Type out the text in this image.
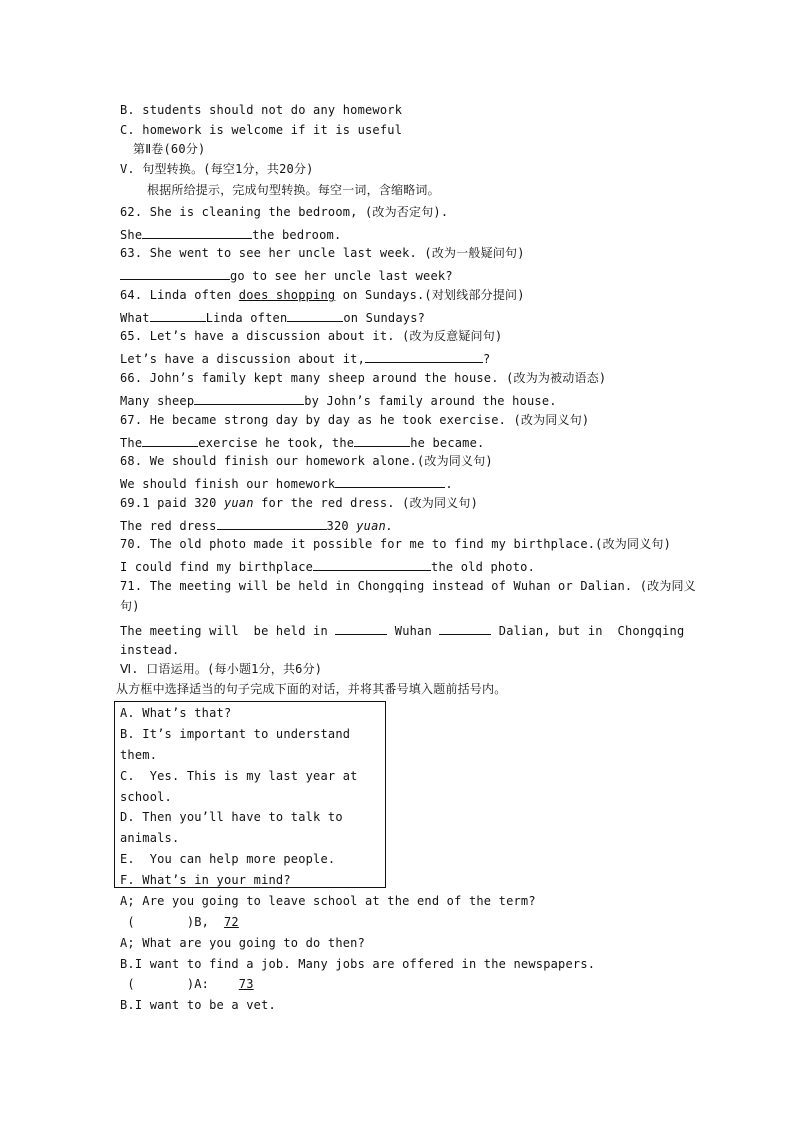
B. students should not do any homework
C. homework is welcome if it is useful
第Ⅱ卷(60分)
V. 句型转换。(每空1分，共20分)
根据所给提示，完成句型转换。每空一词，含缩略词。
62. She is cleaning the bedroom, (改为否定句).
She	the bedroom.
63. She went to see her uncle last week. (改为一般疑问句)
go to see her uncle last week?
64. Linda often does shopping on Sundays.(对划线部分提问)
What	Linda often	on Sundays?
65. Let’s have a discussion about it. (改为反意疑问句)
Let’s have a discussion about it,	?
66. John’s family kept many sheep around the house. (改为为被动语态)
Many sheep	by John’s family around the house.
67. He became strong day by day as he took exercise. (改为同义句)
The	exercise he took, the	he became.
68. We should finish our homework alone.(改为同义句)
We should finish our homework	.
69.1 paid 320 yuan for the red dress. (改为同义句)
The red dress	320 yuan.
70. The old photo made it possible for me to find my birthplace.(改为同义句)
I could find my birthplace	the old photo.
71. The meeting will be held in Chongqing instead of Wuhan or Dalian. (改为同义
句)
The meeting will  be held in	Wuhan	Dalian, but in  Chongqing
instead.
Ⅵ. 口语运用。(每小题1分，共6分)
从方框中选择适当的句子完成下面的对话，并将其番号填入题前括号内。
A. What’s that?
B. It’s important to understand
them.
C.  Yes. This is my last year at
school.
D. Then you’ll have to talk to
animals.
E.  You can help more people.
F. What’s in your mind?
A; Are you going to leave school at the end of the term?
(       )B,  72
A; What are you going to do then?
B.I want to find a job. Many jobs are offered in the newspapers.
(       )A:    73
B.I want to be a vet.
